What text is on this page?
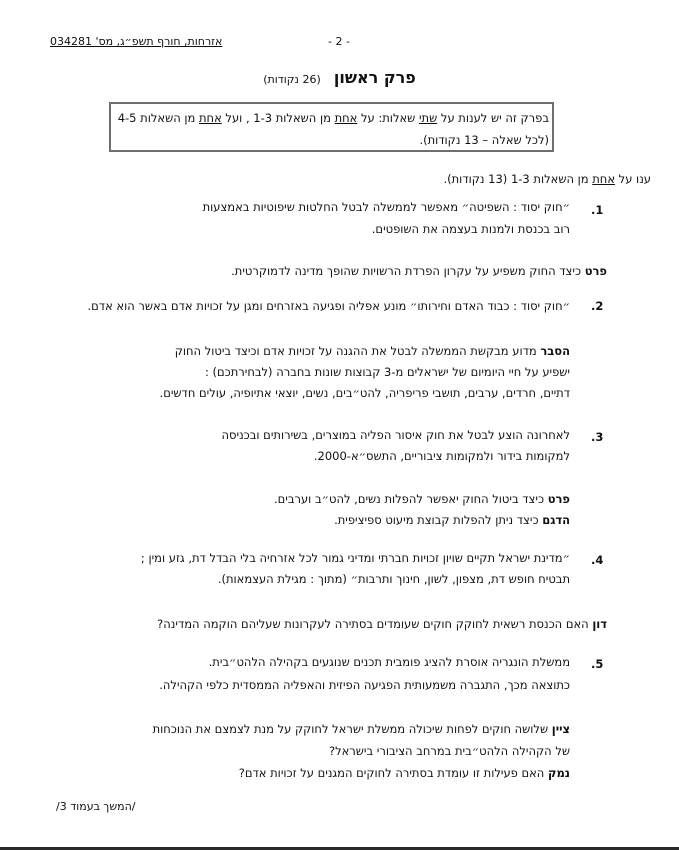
אזרחות, חורף תשפ״ג, מס' 034281	- 2 -
פרק ראשון (26 נקודות)
בפרק זה יש לענות על שתי שאלות: על אחת מן השאלות 1-3 , ועל אחת מן השאלות 4-5
(לכל שאלה – 13 נקודות).
ענו על אחת מן השאלות 1-3 (13 נקודות).
.1
״חוק יסוד : השפיטה״ מאפשר לממשלה לבטל החלטות שיפוטיות באמצעות
רוב בכנסת ולמנות בעצמה את השופטים.
פרט כיצד החוק משפיע על עקרון הפרדת הרשויות שהופך מדינה לדמוקרטית.
.2
״חוק יסוד : כבוד האדם וחירותו״ מונע אפליה ופגיעה באזרחים ומגן על זכויות אדם באשר הוא אדם.
הסבר מדוע מבקשת הממשלה לבטל את ההגנה על זכויות אדם וכיצד ביטול החוק
ישפיע על חיי היומיום של ישראלים מ-3 קבוצות שונות בחברה (לבחירתכם) :
דתיים, חרדים, ערבים, תושבי פריפריה, להט״בים, נשים, יוצאי אתיופיה, עולים חדשים.
.3
לאחרונה הוצע לבטל את חוק איסור הפליה במוצרים, בשירותים ובכניסה
למקומות בידור ולמקומות ציבוריים, התשס״א-2000.
פרט כיצד ביטול החוק יאפשר להפלות נשים, להט״ב וערבים.
הדגם כיצד ניתן להפלות קבוצת מיעוט ספיציפית.
.4
״מדינת ישראל תקיים שויון זכויות חברתי ומדיני גמור לכל אזרחיה בלי הבדל דת, גזע ומין ;
תבטיח חופש דת, מצפון, לשון, חינוך ותרבות״ (מתוך : מגילת העצמאות).
דון האם הכנסת רשאית לחוקק חוקים שעומדים בסתירה לעקרונות שעליהם הוקמה המדינה?
.5
ממשלת הונגריה אוסרת להציג פומבית תכנים שנוגעים בקהילה הלהט״בית.
כתוצאה מכך, התגברה משמעותית הפגיעה הפיזית והאפליה הממסדית כלפי הקהילה.
ציין שלושה חוקים לפחות שיכולה ממשלת ישראל לחוקק על מנת לצמצם את הנוכחות
של הקהילה הלהט״בית במרחב הציבורי בישראל?
נמק האם פעילות זו עומדת בסתירה לחוקים המגנים על זכויות אדם?
/המשך בעמוד 3/
